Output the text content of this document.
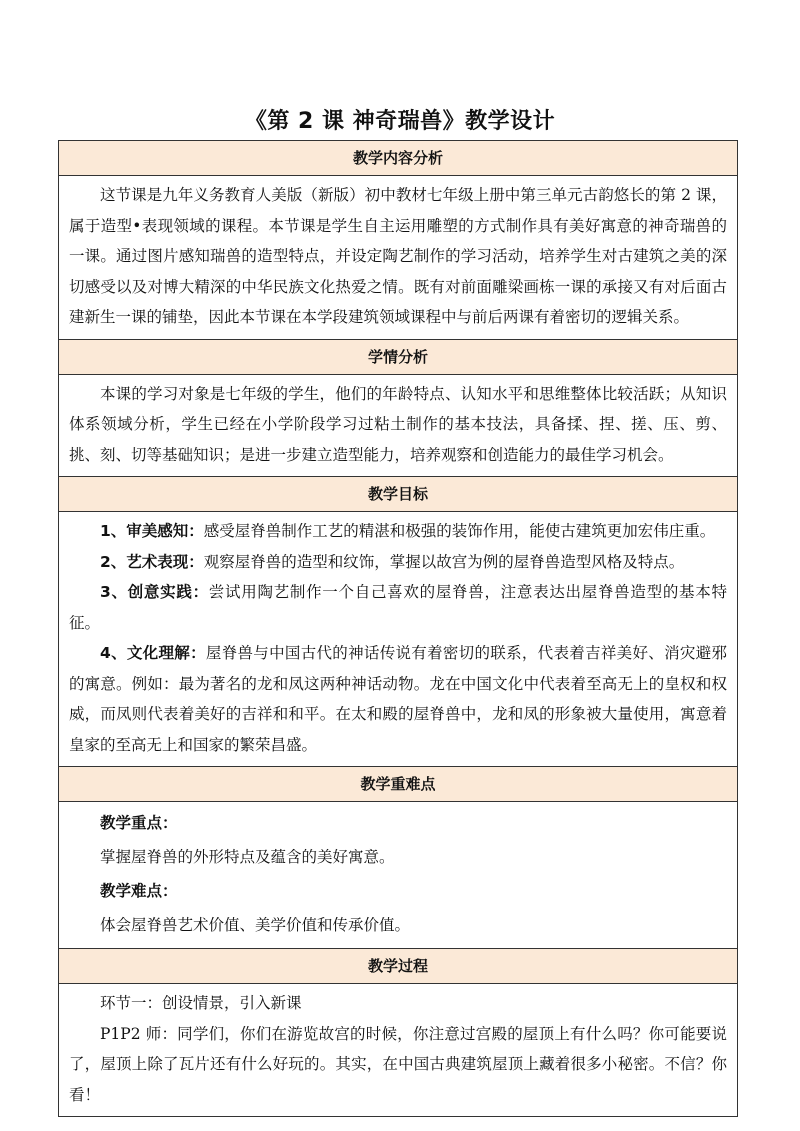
《第 2 课 神奇瑞兽》教学设计
教学内容分析

这节课是九年义务教育人美版（新版）初中教材七年级上册中第三单元古韵悠长的第 2 课，属于造型•表现领域的课程。本节课是学生自主运用雕塑的方式制作具有美好寓意的神奇瑞兽的一课。通过图片感知瑞兽的造型特点，并设定陶艺制作的学习活动，培养学生对古建筑之美的深切感受以及对博大精深的中华民族文化热爱之情。既有对前面雕梁画栋一课的承接又有对后面古建新生一课的铺垫，因此本节课在本学段建筑领域课程中与前后两课有着密切的逻辑关系。

学情分析

本课的学习对象是七年级的学生，他们的年龄特点、认知水平和思维整体比较活跃；从知识体系领域分析，学生已经在小学阶段学习过粘土制作的基本技法，具备揉、捏、搓、压、剪、挑、刻、切等基础知识；是进一步建立造型能力，培养观察和创造能力的最佳学习机会。

教学目标

1、审美感知：感受屋脊兽制作工艺的精湛和极强的装饰作用，能使古建筑更加宏伟庄重。

2、艺术表现：观察屋脊兽的造型和纹饰，掌握以故宫为例的屋脊兽造型风格及特点。

3、创意实践：尝试用陶艺制作一个自己喜欢的屋脊兽，注意表达出屋脊兽造型的基本特征。

4、文化理解：屋脊兽与中国古代的神话传说有着密切的联系，代表着吉祥美好、消灾避邪的寓意。例如：最为著名的龙和凤这两种神话动物。龙在中国文化中代表着至高无上的皇权和权威，而凤则代表着美好的吉祥和和平。在太和殿的屋脊兽中，龙和凤的形象被大量使用，寓意着皇家的至高无上和国家的繁荣昌盛。

教学重难点

教学重点：

掌握屋脊兽的外形特点及蕴含的美好寓意。

教学难点：

体会屋脊兽艺术价值、美学价值和传承价值。

教学过程

环节一：创设情景，引入新课

P1P2 师：同学们，你们在游览故宫的时候，你注意过宫殿的屋顶上有什么吗？你可能要说了，屋顶上除了瓦片还有什么好玩的。其实，在中国古典建筑屋顶上藏着很多小秘密。不信？你看！
